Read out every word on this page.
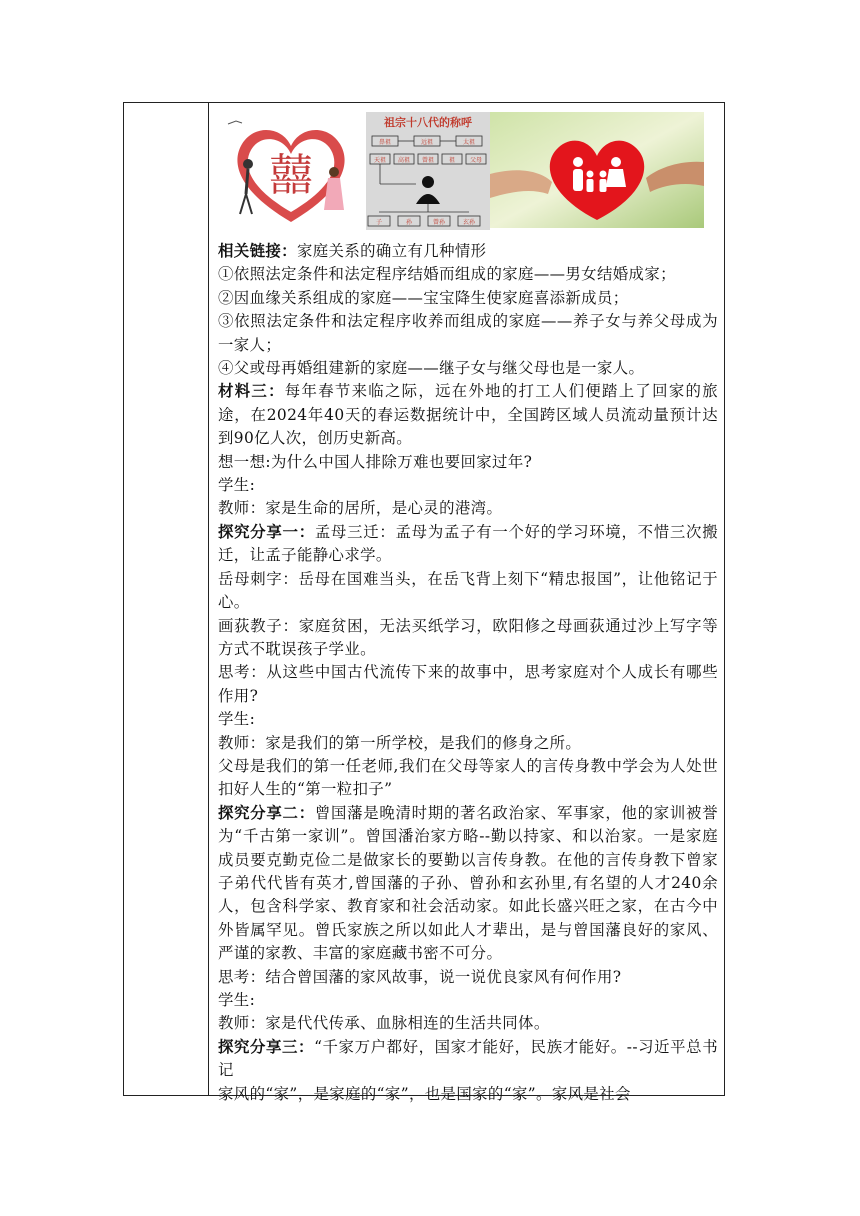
囍
祖宗十八代的称呼
鼻祖	远祖	太祖
天祖 高祖 曾祖 祖 父母
子	孙	曾孙	玄孙

相关链接：家庭关系的确立有几种情形

①依照法定条件和法定程序结婚而组成的家庭——男女结婚成家；

②因血缘关系组成的家庭——宝宝降生使家庭喜添新成员；

③依照法定条件和法定程序收养而组成的家庭——养子女与养父母成为一家人；

④父或母再婚组建新的家庭——继子女与继父母也是一家人。

材料三：每年春节来临之际，远在外地的打工人们便踏上了回家的旅途，在2024年40天的春运数据统计中，全国跨区域人员流动量预计达到90亿人次，创历史新高。

想一想:为什么中国人排除万难也要回家过年?

学生:

教师：家是生命的居所，是心灵的港湾。

探究分享一：孟母三迁：孟母为孟子有一个好的学习环境，不惜三次搬迁，让孟子能静心求学。

岳母刺字：岳母在国难当头，在岳飞背上刻下“精忠报国”，让他铭记于心。

画荻教子：家庭贫困，无法买纸学习，欧阳修之母画荻通过沙上写字等方式不耽误孩子学业。

思考：从这些中国古代流传下来的故事中，思考家庭对个人成长有哪些作用?

学生:

教师：家是我们的第一所学校，是我们的修身之所。

父母是我们的第一任老师,我们在父母等家人的言传身教中学会为人处世扣好人生的“第一粒扣子”

探究分享二：曾国藩是晚清时期的著名政治家、军事家，他的家训被誉为“千古第一家训”。曾国潘治家方略--勤以持家、和以治家。一是家庭成员要克勤克俭二是做家长的要勤以言传身教。在他的言传身教下曾家子弟代代皆有英才,曾国藩的子孙、曾孙和玄孙里,有名望的人才240余人，包含科学家、教育家和社会活动家。如此长盛兴旺之家，在古今中外皆属罕见。曾氏家族之所以如此人才辈出，是与曾国藩良好的家风、严谨的家教、丰富的家庭藏书密不可分。

思考：结合曾国藩的家风故事，说一说优良家风有何作用?

学生:

教师：家是代代传承、血脉相连的生活共同体。

探究分享三：“千家万户都好，国家才能好，民族才能好。--习近平总书记

家风的“家”，是家庭的“家”，也是国家的“家”。家风是社会
